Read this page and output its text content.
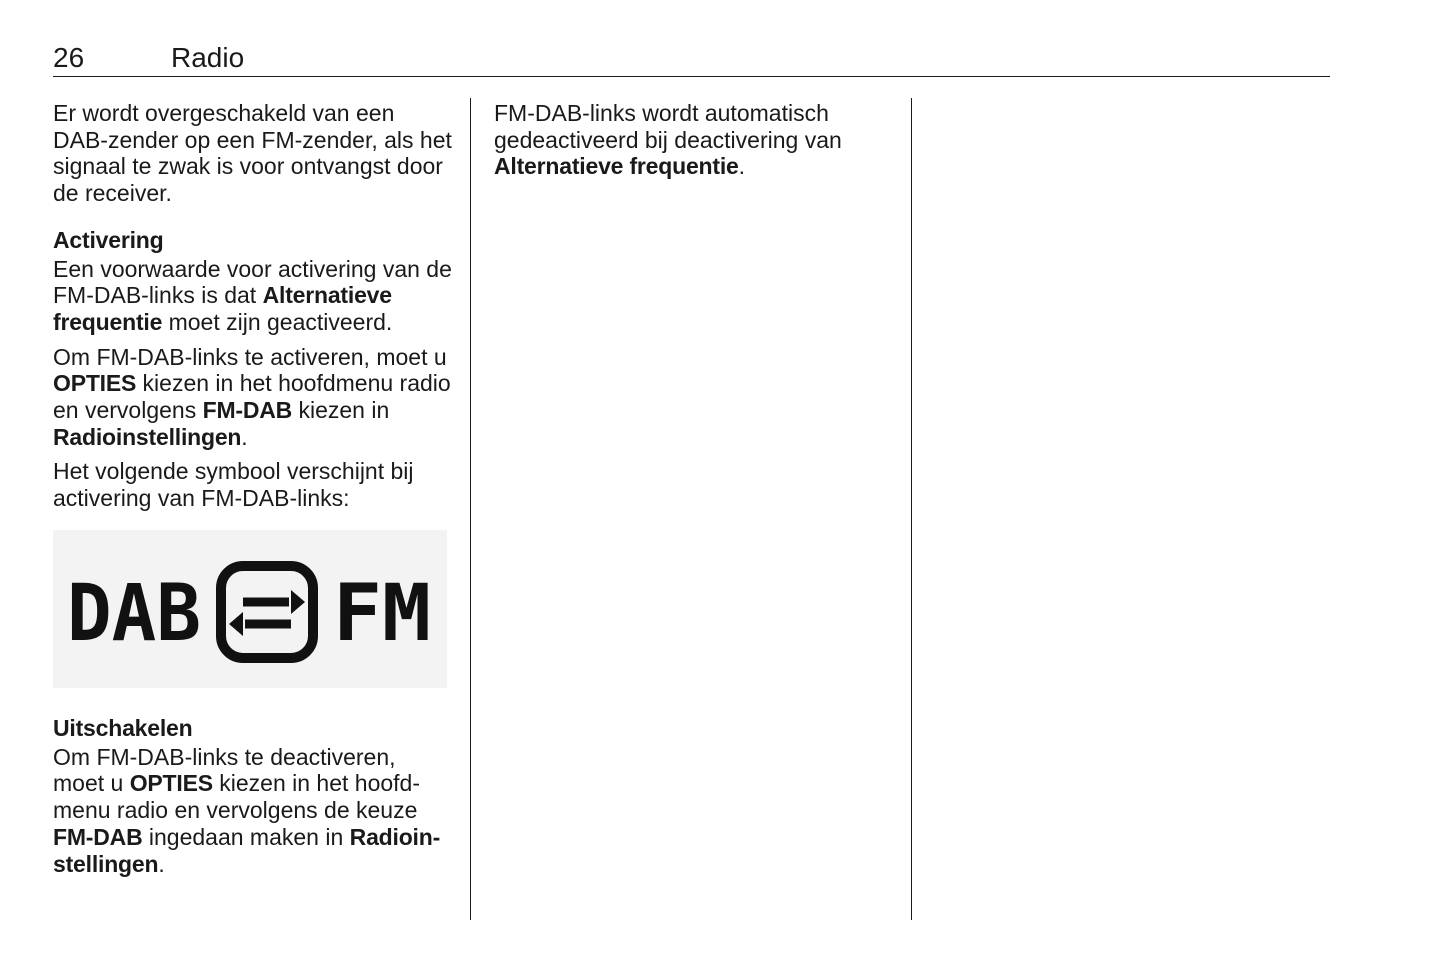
26	Radio

Er wordt overgeschakeld van een DAB-zender op een FM-zender, als het signaal te zwak is voor ontvangst door de receiver.

Activering

Een voorwaarde voor activering van de FM-DAB-links is dat Alternatieve frequentie moet zijn geactiveerd.

Om FM-DAB-links te activeren, moet u OPTIES kiezen in het hoofdmenu radio en vervolgens FM-DAB kiezen in Radioinstellingen.

Het volgende symbool verschijnt bij activering van FM-DAB-links:

DAB FM

Uitschakelen

Om FM-DAB-links te deactiveren, moet u OPTIES kiezen in het hoofd-menu radio en vervolgens de keuze FM-DAB ingedaan maken in Radioin-stellingen.

FM-DAB-links wordt automatisch gedeactiveerd bij deactivering van Alternatieve frequentie.
